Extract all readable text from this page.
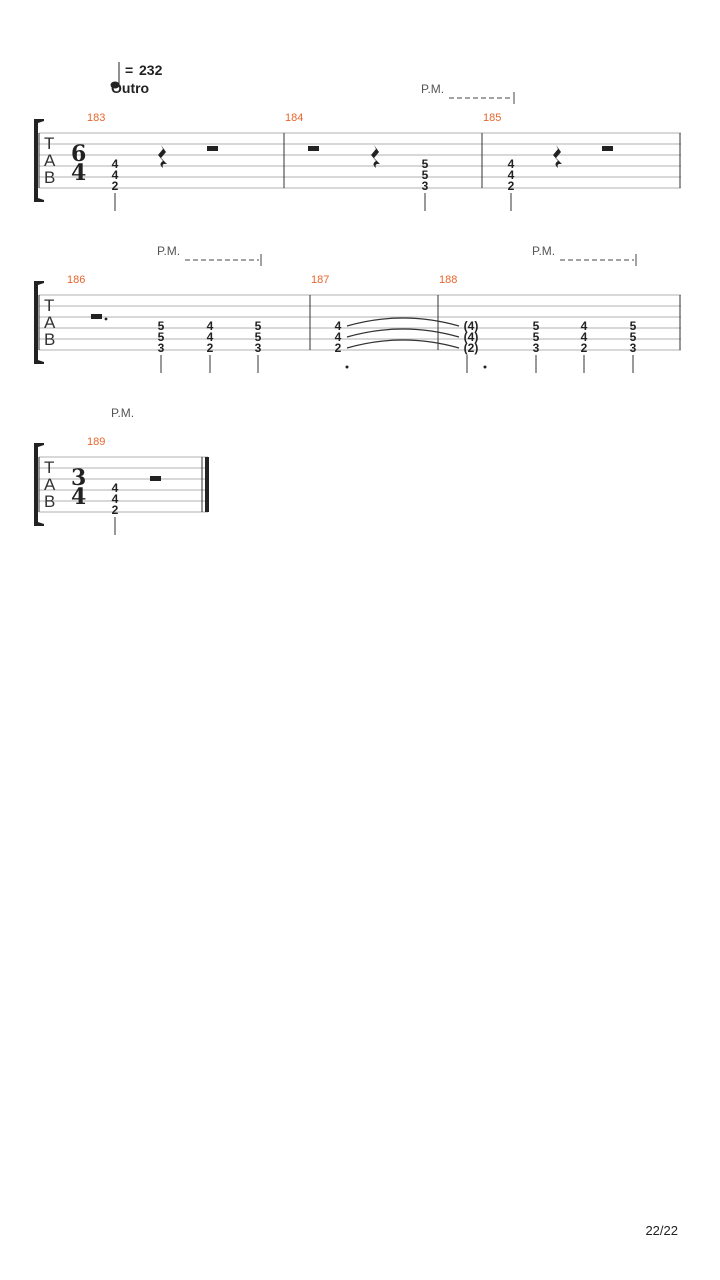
= 232
Outro
T
A
B
6
4
183
4
4
2
184
5
5
3
P.M.
185
4
4
2
T
A
B
P.M.
186
5
5
3
4
4
2
5
5
3
187
4
4
2
188
(4)
(4)
(2)
P.M.
5
5
3
4
4
2
5
5
3
T
A
B
3
4
P.M.
189
4
4
2
22/22
